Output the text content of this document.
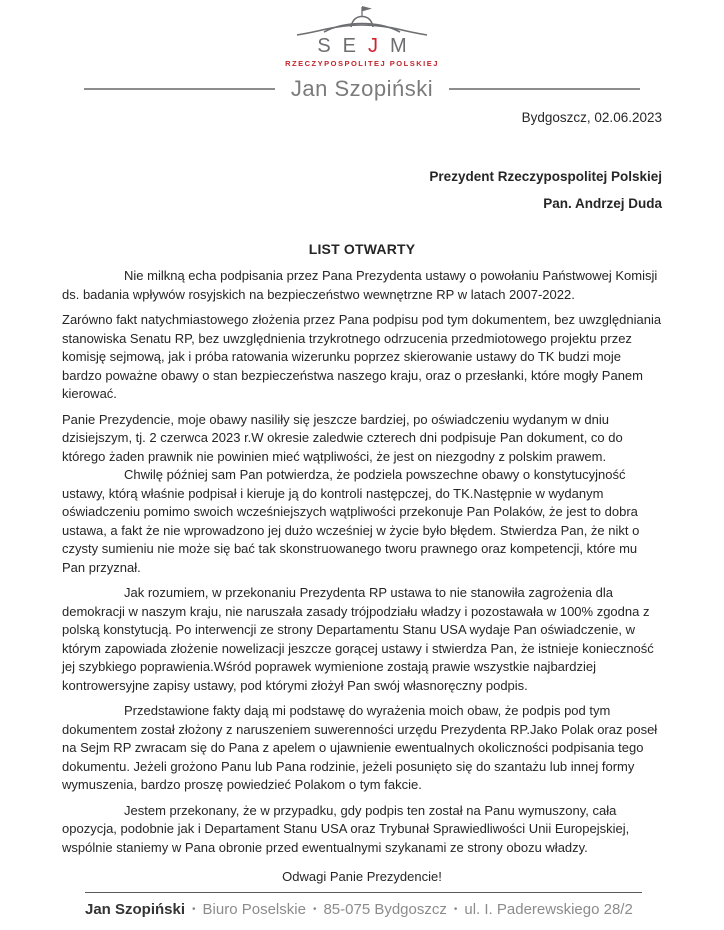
SEJM
RZECZYPOSPOLITEJ POLSKIEJ
Jan Szopiński
Bydgoszcz, 02.06.2023
Prezydent Rzeczypospolitej Polskiej
Pan. Andrzej Duda
LIST OTWARTY

Nie milkną echa podpisania przez Pana Prezydenta ustawy o powołaniu Państwowej Komisji ds. badania wpływów rosyjskich na bezpieczeństwo wewnętrzne RP w latach 2007-2022.

Zarówno fakt natychmiastowego złożenia przez Pana podpisu pod tym dokumentem, bez uwzględniania stanowiska Senatu RP, bez uwzględnienia trzykrotnego odrzucenia przedmiotowego projektu przez komisję sejmową, jak i próba ratowania wizerunku poprzez skierowanie ustawy do TK budzi moje bardzo poważne obawy o stan bezpieczeństwa naszego kraju, oraz o przesłanki, które mogły Panem kierować.

Panie Prezydencie, moje obawy nasiliły się jeszcze bardziej, po oświadczeniu wydanym w dniu dzisiejszym, tj. 2 czerwca 2023 r.W okresie zaledwie czterech dni podpisuje Pan dokument, co do którego żaden prawnik nie powinien mieć wątpliwości, że jest on niezgodny z polskim prawem.

Chwilę później sam Pan potwierdza, że podziela powszechne obawy o konstytucyjność ustawy, którą właśnie podpisał i kieruje ją do kontroli następczej, do TK.Następnie w wydanym oświadczeniu pomimo swoich wcześniejszych wątpliwości przekonuje Pan Polaków, że jest to dobra ustawa, a fakt że nie wprowadzono jej dużo wcześniej w życie było błędem. Stwierdza Pan, że nikt o czysty sumieniu nie może się bać tak skonstruowanego tworu prawnego oraz kompetencji, które mu Pan przyznał.

Jak rozumiem, w przekonaniu Prezydenta RP ustawa to nie stanowiła zagrożenia dla demokracji w naszym kraju, nie naruszała zasady trójpodziału władzy i pozostawała w 100% zgodna z polską konstytucją. Po interwencji ze strony Departamentu Stanu USA wydaje Pan oświadczenie, w którym zapowiada złożenie nowelizacji jeszcze gorącej ustawy i stwierdza Pan, że istnieje konieczność jej szybkiego poprawienia.Wśród poprawek wymienione zostają prawie wszystkie najbardziej kontrowersyjne zapisy ustawy, pod którymi złożył Pan swój własnoręczny podpis.

Przedstawione fakty dają mi podstawę do wyrażenia moich obaw, że podpis pod tym dokumentem został złożony z naruszeniem suwerenności urzędu Prezydenta RP.Jako Polak oraz poseł na Sejm RP zwracam się do Pana z apelem o ujawnienie ewentualnych okoliczności podpisania tego dokumentu. Jeżeli grożono Panu lub Pana rodzinie, jeżeli posunięto się do szantażu lub innej formy wymuszenia, bardzo proszę powiedzieć Polakom o tym fakcie.

Jestem przekonany, że w przypadku, gdy podpis ten został na Panu wymuszony, cała opozycja, podobnie jak i Departament Stanu USA oraz Trybunał Sprawiedliwości Unii Europejskiej, wspólnie staniemy w Pana obronie przed ewentualnymi szykanami ze strony obozu władzy.

Odwagi Panie Prezydencie!
Jan Szopiński • Biuro Poselskie • 85-075 Bydgoszcz • ul. I. Paderewskiego 28/2
